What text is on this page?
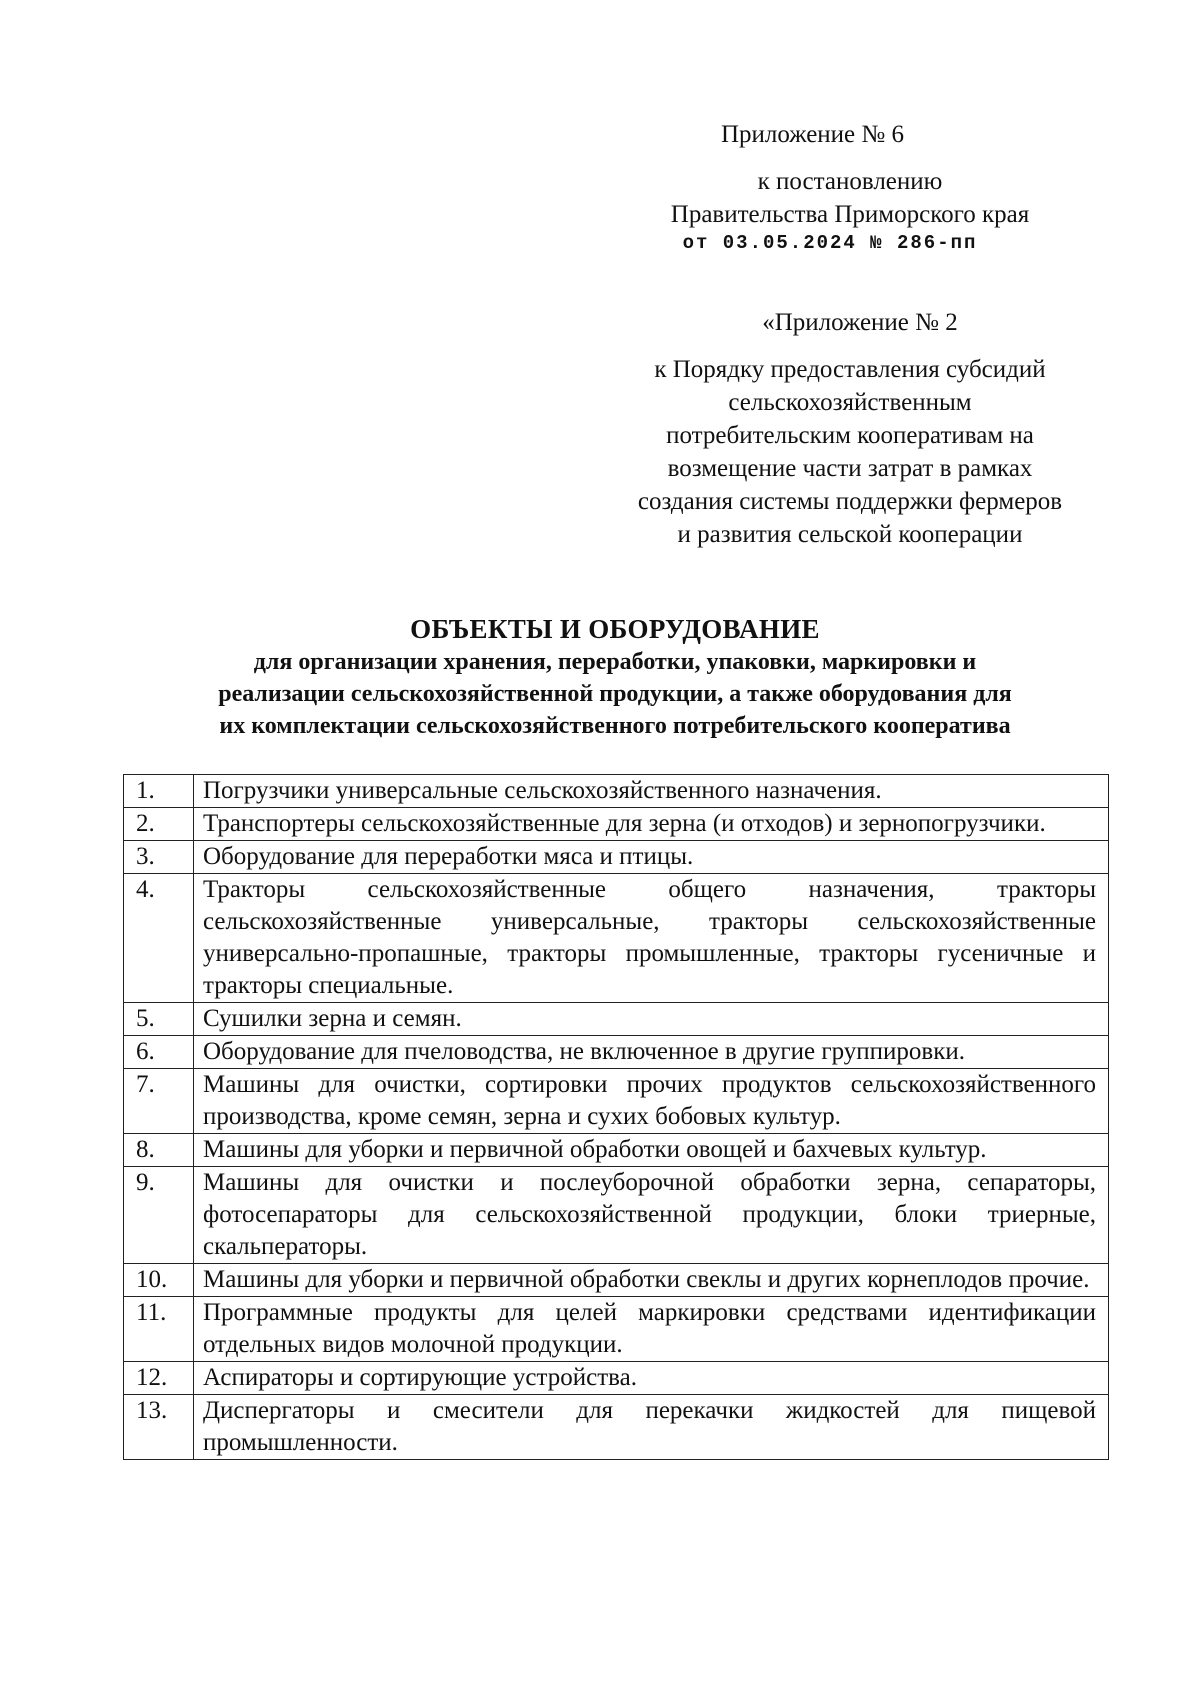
Приложение № 6
к постановлению
Правительства Приморского края
от 03.05.2024 № 286-пп
«Приложение № 2
к Порядку предоставления субсидий
сельскохозяйственным
потребительским кооперативам на
возмещение части затрат в рамках
создания системы поддержки фермеров
и развития сельской кооперации
ОБЪЕКТЫ И ОБОРУДОВАНИЕ
для организации хранения, переработки, упаковки, маркировки и
реализации сельскохозяйственной продукции, а также оборудования для
их комплектации сельскохозяйственного потребительского кооператива
1.	Погрузчики универсальные сельскохозяйственного назначения.
2.	Транспортеры сельскохозяйственные для зерна (и отходов) и зернопогрузчики.
3.	Оборудование для переработки мяса и птицы.
4.	Тракторы сельскохозяйственные общего назначения, тракторы сельскохозяйственные универсальные, тракторы сельскохозяйственные универсально-пропашные, тракторы промышленные, тракторы гусеничные и тракторы специальные.
5.	Сушилки зерна и семян.
6.	Оборудование для пчеловодства, не включенное в другие группировки.
7.	Машины для очистки, сортировки прочих продуктов сельскохозяйственного производства, кроме семян, зерна и сухих бобовых культур.
8.	Машины для уборки и первичной обработки овощей и бахчевых культур.
9.	Машины для очистки и послеуборочной обработки зерна, сепараторы, фотосепараторы для сельскохозяйственной продукции, блоки триерные, скальператоры.
10.	Машины для уборки и первичной обработки свеклы и других корнеплодов прочие.
11.	Программные продукты для целей маркировки средствами идентификации отдельных видов молочной продукции.
12.	Аспираторы и сортирующие устройства.
13.	Диспергаторы и смесители для перекачки жидкостей для пищевой промышленности.
